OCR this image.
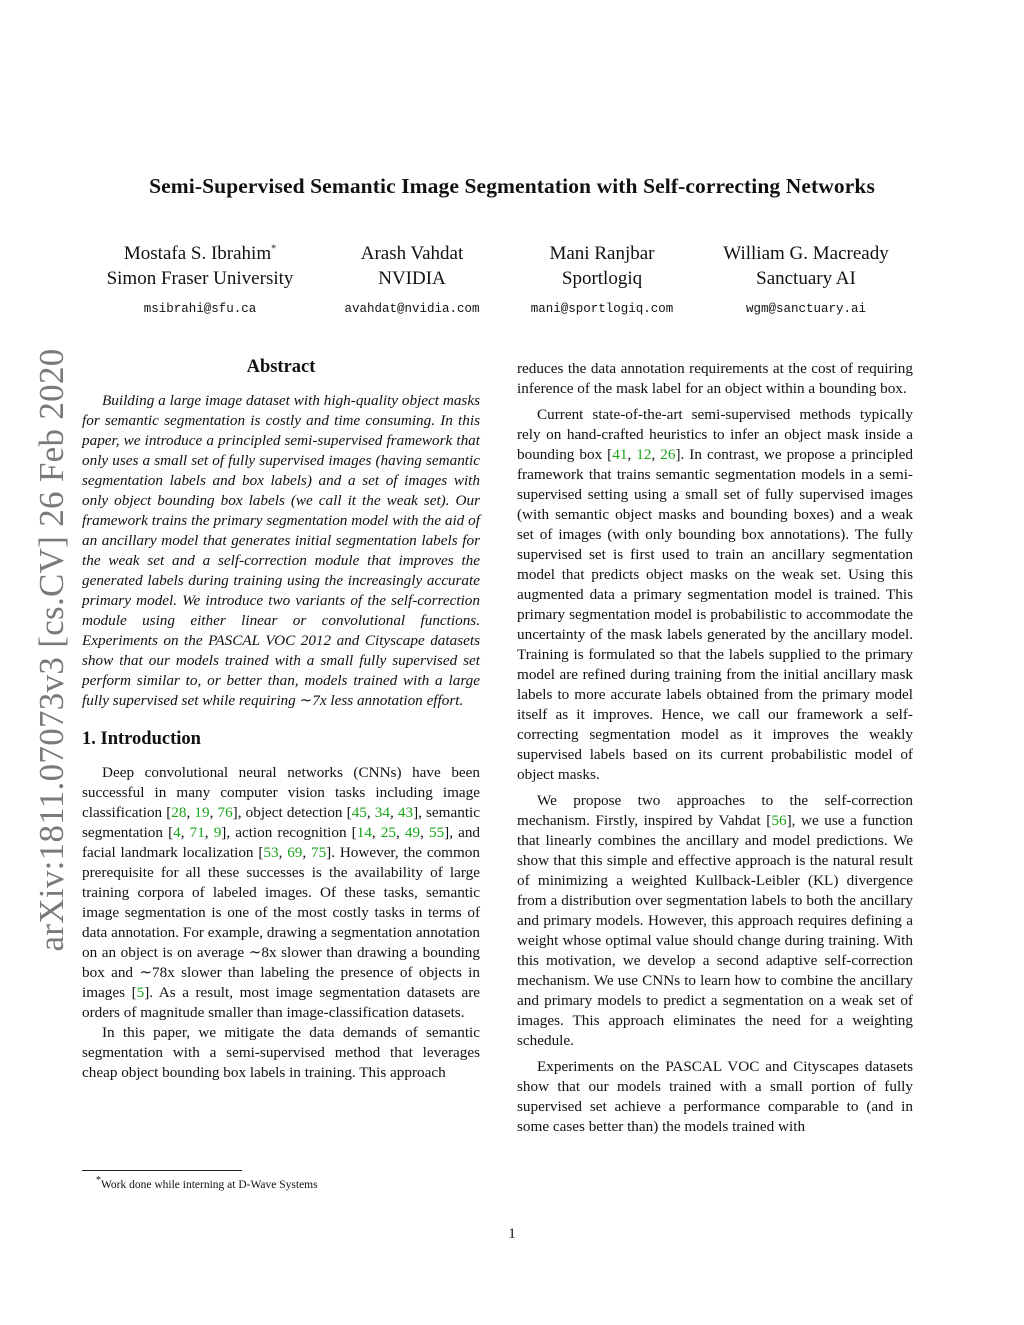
Semi-Supervised Semantic Image Segmentation with Self-correcting Networks
Mostafa S. Ibrahim*
Simon Fraser University
msibrahi@sfu.ca
Arash Vahdat
NVIDIA
avahdat@nvidia.com
Mani Ranjbar
Sportlogiq
mani@sportlogiq.com
William G. Macready
Sanctuary AI
wgm@sanctuary.ai
arXiv:1811.07073v3 [cs.CV] 26 Feb 2020	Abstract

Building a large image dataset with high-quality object masks for semantic segmentation is costly and time consuming. In this paper, we introduce a principled semi-supervised framework that only uses a small set of fully supervised images (having semantic segmentation labels and box labels) and a set of images with only object bounding box labels (we call it the weak set). Our framework trains the primary segmentation model with the aid of an ancillary model that generates initial segmentation labels for the weak set and a self-correction module that improves the generated labels during training using the increasingly accurate primary model. We introduce two variants of the self-correction module using either linear or convolutional functions. Experiments on the PASCAL VOC 2012 and Cityscape datasets show that our models trained with a small fully supervised set perform similar to, or better than, models trained with a large fully supervised set while requiring ∼7x less annotation effort.

1. Introduction

Deep convolutional neural networks (CNNs) have been successful in many computer vision tasks including image classification [28, 19, 76], object detection [45, 34, 43], semantic segmentation [4, 71, 9], action recognition [14, 25, 49, 55], and facial landmark localization [53, 69, 75]. However, the common prerequisite for all these successes is the availability of large training corpora of labeled images. Of these tasks, semantic image segmentation is one of the most costly tasks in terms of data annotation. For example, drawing a segmentation annotation on an object is on average ∼8x slower than drawing a bounding box and ∼78x slower than labeling the presence of objects in images [5]. As a result, most image segmentation datasets are orders of magnitude smaller than image-classification datasets.

In this paper, we mitigate the data demands of semantic segmentation with a semi-supervised method that leverages cheap object bounding box labels in training. This approach

reduces the data annotation requirements at the cost of requiring inference of the mask label for an object within a bounding box.

Current state-of-the-art semi-supervised methods typically rely on hand-crafted heuristics to infer an object mask inside a bounding box [41, 12, 26]. In contrast, we propose a principled framework that trains semantic segmentation models in a semi-supervised setting using a small set of fully supervised images (with semantic object masks and bounding boxes) and a weak set of images (with only bounding box annotations). The fully supervised set is first used to train an ancillary segmentation model that predicts object masks on the weak set. Using this augmented data a primary segmentation model is trained. This primary segmentation model is probabilistic to accommodate the uncertainty of the mask labels generated by the ancillary model. Training is formulated so that the labels supplied to the primary model are refined during training from the initial ancillary mask labels to more accurate labels obtained from the primary model itself as it improves. Hence, we call our framework a self-correcting segmentation model as it improves the weakly supervised labels based on its current probabilistic model of object masks.

We propose two approaches to the self-correction mechanism. Firstly, inspired by Vahdat [56], we use a function that linearly combines the ancillary and model predictions. We show that this simple and effective approach is the natural result of minimizing a weighted Kullback-Leibler (KL) divergence from a distribution over segmentation labels to both the ancillary and primary models. However, this approach requires defining a weight whose optimal value should change during training. With this motivation, we develop a second adaptive self-correction mechanism. We use CNNs to learn how to combine the ancillary and primary models to predict a segmentation on a weak set of images. This approach eliminates the need for a weighting schedule.

Experiments on the PASCAL VOC and Cityscapes datasets show that our models trained with a small portion of fully supervised set achieve a performance comparable to (and in some cases better than) the models trained with

*Work done while interning at D-Wave Systems
1
